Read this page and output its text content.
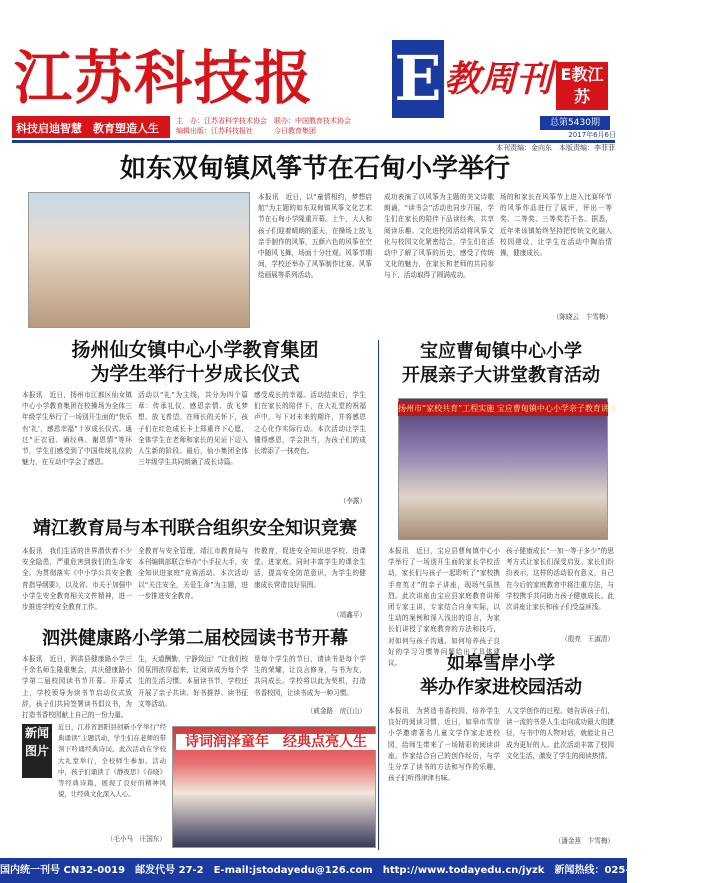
江苏科技报
科技启迪智慧　教育塑造人生
主　办：江苏省科学技术协会　联办：中国教育技术协会
编辑出版：江苏科技报社　　　今日教育集团
E 教周刊 E教江苏
总第5430期
2017年6月6日
本刊责编：金向东　本版责编：李菲菲
如东双甸镇风筝节在石甸小学举行
本报讯　近日，以“童情相约，梦想启航”为主题的如东双甸镇风筝文化艺术节在石甸小学隆重开幕。上午，大人和孩子们迎着晴朗的蓝天，在操场上放飞亲手制作的风筝，五颜六色的风筝在空中随风飞舞，场面十分壮观。风筝节期间，学校还举办了风筝制作比赛、风筝绘画展等系列活动。
成功表演了以风筝为主题的美文诗歌朗诵，“读书会”活动也同步开展，学生们在家长的陪伴下品读经典，共享阅读乐趣。文化进校园活动将风筝文化与校园文化紧密结合，学生们在活动中了解了风筝的历史，感受了传统文化的魅力，在家长和老师的共同参与下，活动取得了圆满成功。
场的和家长在风筝节上进入比赛环节的风筝作品进行了展评，评出一等奖、二等奖、三等奖若干名。据悉，近年来该镇始终坚持把传统文化融入校园建设，让学生在活动中陶冶情操，健康成长。
（陈晓云　卞雪梅）
扬州仙女镇中心小学教育集团
为学生举行十岁成长仪式
本报讯　近日，扬州市江都区仙女镇中心小学教育集团在校操场为全体三年级学生举行了一场别开生面的“快乐有‘礼’，感恩幸福”十岁成长仪式。通过“正衣冠、诵经典、谢恩情”等环节，学生们感受到了中国传统礼仪的魅力，在互动中学会了感恩。
活动以“礼”为主线，共分为四个篇章：传承礼仪、感恩亲情、放飞梦想、放飞希望。在师长的关怀下，孩子们在红色成长卡上郑重许下心愿，全体学生在老师和家长的见证下迈入人生新的阶段。最后，仙小集团全体三年级学生共同朗诵了成长诗篇。
感受成长的幸福。活动结束后，学生们在家长的陪伴下，在大礼堂的祝福声中，写下对未来的期许，并将感恩之心化作实际行动。本次活动让学生懂得感恩，学会担当，为孩子们的成长增添了一抹亮色。
（李露）
宝应曹甸镇中心小学
开展亲子大讲堂教育活动
扬州市“家校共育”工程实施 宝应曹甸镇中心小学亲子教育讲座
本报讯　近日，宝应县曹甸镇中心小学举行了一场别开生面的家长学校活动，家长们与孩子一起聆听了“家校携手育英才”的亲子讲座，现场气氛热烈。此次讲座由宝应县家庭教育讲师团专家主讲，专家结合自身实际，以生动的案例和深入浅出的语言，为家长们讲授了家庭教育的方法和技巧，对如何与孩子沟通、如何培养孩子良好的学习习惯等问题给出了具体建议。
孩子健康成长“一加一等于多少”的思考方式让家长们深受启发。家长们纷纷表示，这样的活动很有意义，自己在今后的家庭教育中将注重方法，与学校携手共同助力孩子健康成长。此次讲座让家长和孩子们受益匪浅。
（殷亮　王淑清）
靖江教育局与本刊联合组织安全知识竞赛
本报讯　我们生活的世界潜伏着不少安全隐患，严重危害到我们的生命安全。为贯彻落实《中小学公共安全教育指导纲要》，以及省、市关于加强中小学生安全教育相关文件精神，进一步推进学校安全教育工作。
全教育与安全管理，靖江市教育局与本刊编辑部联合举办“小手拉大手，安全知识进家庭”竞赛活动。本次活动以“关注安全，关爱生命”为主题，进一步推进安全教育。
传教育，促进安全知识进学校、进课堂、进家庭。同时丰富学生的课余生活，提高安全防范意识，为学生的健康成长营造良好氛围。
（靖鑫平）
泗洪健康路小学第二届校园读书节开幕
本报讯　近日，泗洪县健康路小学三千余名师生隆重集会，共庆健康路小学第二届校园读书节开幕。开幕式上，学校领导为读书节启动仪式致辞，孩子们共同签署读书倡议书，为打造书香校园献上自己的一份力量。
生，天道酬勤，宁静致远！”让我们校园氛围浓厚起来，让阅读成为每个学生的生活习惯。本届读书节，学校还开展了亲子共读、好书推荐、读书征文等活动。
是每个学生的节日，请读书是每个学生的荣耀，让良言修身，与书为友，共同成长。学校将以此为契机，打造书香校园，让读书成为一种习惯。
（戚金路　房江山）
新闻
图片
近日，江苏省泗阳县创新小学举行“经典诵读”主题活动，学生们在老师的带领下吟诵经典诗词。此次活动在学校大礼堂举行，全校师生参加。活动中，孩子们诵读了《静夜思》《春晓》等经典诗篇，展现了良好的精神风貌，让经典文化深入人心。
（毛小马　庄国东）
诗词润泽童年　经典点亮人生
如皋雪岸小学
举办作家进校园活动
本报讯　为营造书香校园，培养学生良好的阅读习惯，近日，如皋市雪岸小学邀请著名儿童文学作家走进校园，给师生带来了一场精彩的阅读讲座。作家结合自己的创作经历，与学生分享了读书的方法和写作的乐趣，孩子们听得津津有味。
人文学创作的过程。她告诉孩子们，读一流的书是人生走向成功最大的捷径，与书中的人物对话，就能让自己成为更好的人。此次活动丰富了校园文化生活，激发了学生的阅读热情。
（潘金燕　卞雪梅）
国内统一刊号 CN32-0019　邮发代号 27-2　E-mail:jstodayedu@126.com　http://www.todayedu.cn/jyzk　新闻热线：025-84717743-814
